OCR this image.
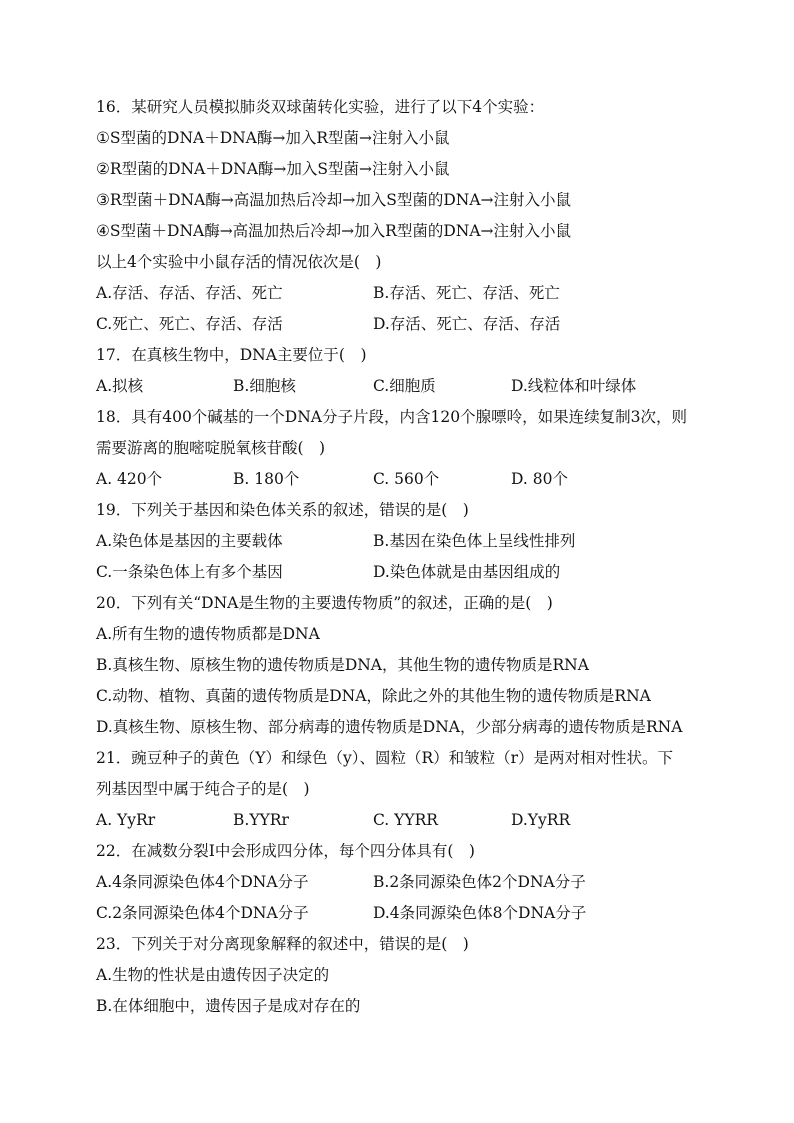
16．某研究人员模拟肺炎双球菌转化实验，进行了以下4个实验：
①S型菌的DNA＋DNA酶→加入R型菌→注射入小鼠
②R型菌的DNA＋DNA酶→加入S型菌→注射入小鼠
③R型菌＋DNA酶→高温加热后冷却→加入S型菌的DNA→注射入小鼠
④S型菌＋DNA酶→高温加热后冷却→加入R型菌的DNA→注射入小鼠
以上4个实验中小鼠存活的情况依次是(　)
A.存活、存活、存活、死亡	B.存活、死亡、存活、死亡
C.死亡、死亡、存活、存活	D.存活、死亡、存活、存活
17．在真核生物中，DNA主要位于(　)
A.拟核	B.细胞核	C.细胞质	D.线粒体和叶绿体
18．具有400个碱基的一个DNA分子片段，内含120个腺嘌呤，如果连续复制3次，则
需要游离的胞嘧啶脱氧核苷酸(　)
A. 420个	B. 180个	C. 560个	D. 80个
19．下列关于基因和染色体关系的叙述，错误的是(　)
A.染色体是基因的主要载体	B.基因在染色体上呈线性排列
C.一条染色体上有多个基因	D.染色体就是由基因组成的
20．下列有关“DNA是生物的主要遗传物质”的叙述，正确的是(　)
A.所有生物的遗传物质都是DNA
B.真核生物、原核生物的遗传物质是DNA，其他生物的遗传物质是RNA
C.动物、植物、真菌的遗传物质是DNA，除此之外的其他生物的遗传物质是RNA
D.真核生物、原核生物、部分病毒的遗传物质是DNA，少部分病毒的遗传物质是RNA
21．豌豆种子的黄色（Y）和绿色（y）、圆粒（R）和皱粒（r）是两对相对性状。下
列基因型中属于纯合子的是(　)
A. YyRr	B.YYRr	C. YYRR	D.YyRR
22．在减数分裂Ⅰ中会形成四分体，每个四分体具有(　)
A.4条同源染色体4个DNA分子	B.2条同源染色体2个DNA分子
C.2条同源染色体4个DNA分子	D.4条同源染色体8个DNA分子
23．下列关于对分离现象解释的叙述中，错误的是(　)
A.生物的性状是由遗传因子决定的
B.在体细胞中，遗传因子是成对存在的
